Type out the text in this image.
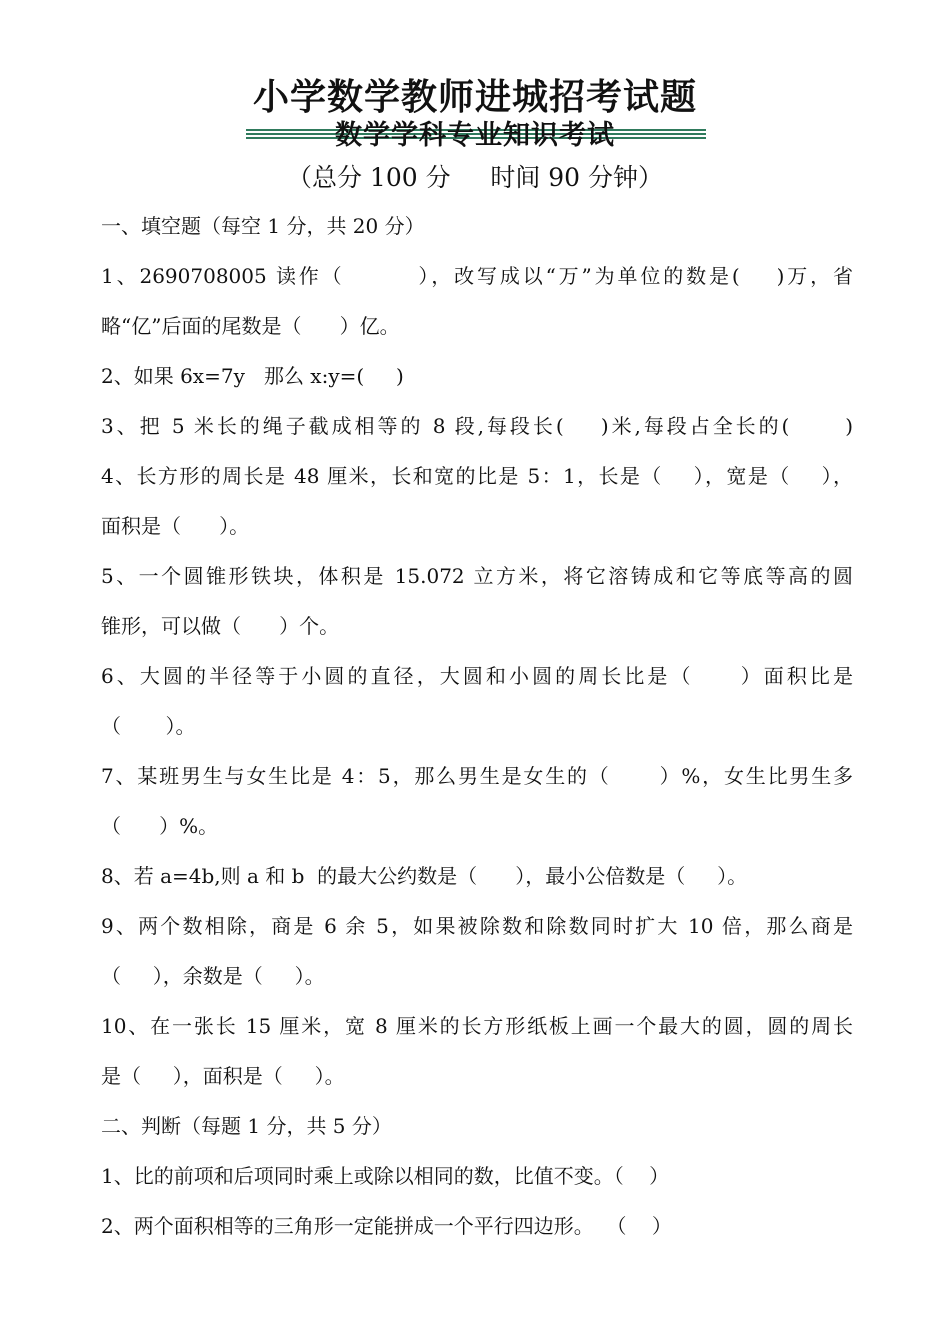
小学数学教师进城招考试题
数学学科专业知识考试
（总分 100 分     时间 90 分钟）
一、填空题（每空 1 分，共 20 分）
1、2690708005 读作（        ），改写成以“万”为单位的数是(    )万，省
略“亿”后面的尾数是（      ）亿。
2、如果 6x=7y   那么 x:y=(     )
3、把 5 米长的绳子截成相等的 8 段,每段长(    )米,每段占全长的(      )
4、长方形的周长是 48 厘米，长和宽的比是 5：1，长是（    ），宽是（    ），
面积是（      ）。
5、一个圆锥形铁块，体积是 15.072 立方米，将它溶铸成和它等底等高的圆
锥形，可以做（      ）个。
6、大圆的半径等于小圆的直径，大圆和小圆的周长比是（     ）面积比是
（       ）。
7、某班男生与女生比是 4：5，那么男生是女生的（      ）%，女生比男生多
（      ）%。
8、若 a=4b,则 a 和 b  的最大公约数是（      ），最小公倍数是（     ）。
9、两个数相除，商是 6 余 5，如果被除数和除数同时扩大 10 倍，那么商是
（     ），余数是（     ）。
10、在一张长 15 厘米，宽 8 厘米的长方形纸板上画一个最大的圆，圆的周长
是（     ），面积是（     ）。
二、判断（每题 1 分，共 5 分）
1、比的前项和后项同时乘上或除以相同的数，比值不变。（    ）
2、两个面积相等的三角形一定能拼成一个平行四边形。  （    ）
